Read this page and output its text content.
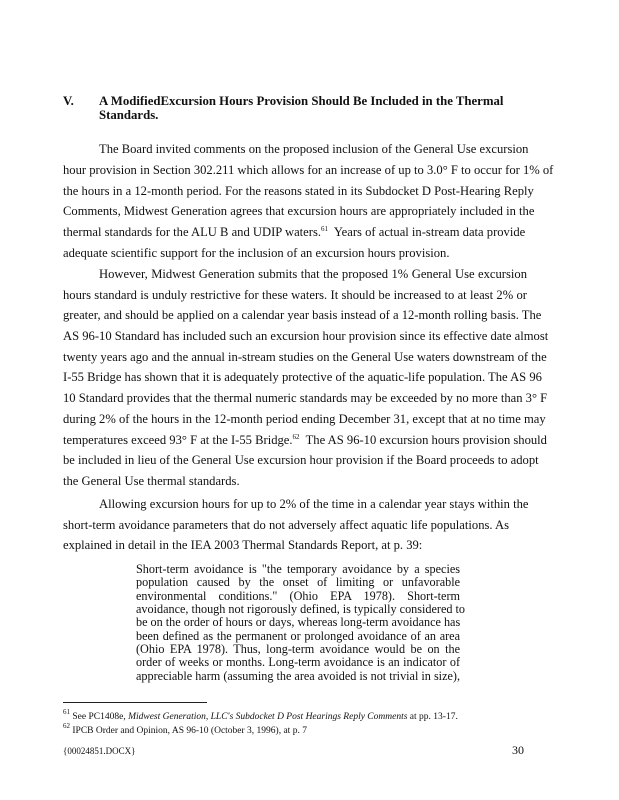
V. A ModifiedExcursion Hours Provision Should Be Included in the Thermal
Standards.
The Board invited comments on the proposed inclusion of the General Use excursion
hour provision in Section 302.211 which allows for an increase of up to 3.0° F to occur for 1% of
the hours in a 12-month period. For the reasons stated in its Subdocket D Post-Hearing Reply
Comments, Midwest Generation agrees that excursion hours are appropriately included in the
thermal standards for the ALU B and UDIP waters.$^{61}$  Years of actual in-stream data provide
adequate scientific support for the inclusion of an excursion hours provision.
However, Midwest Generation submits that the proposed 1% General Use excursion
hours standard is unduly restrictive for these waters. It should be increased to at least 2% or
greater, and should be applied on a calendar year basis instead of a 12-month rolling basis. The
AS 96-10 Standard has included such an excursion hour provision since its effective date almost
twenty years ago and the annual in-stream studies on the General Use waters downstream of the
I-55 Bridge has shown that it is adequately protective of the aquatic-life population. The AS 96
10 Standard provides that the thermal numeric standards may be exceeded by no more than 3° F
during 2% of the hours in the 12-month period ending December 31, except that at no time may
temperatures exceed 93° F at the I-55 Bridge.$^{62}$  The AS 96-10 excursion hours provision should
be included in lieu of the General Use excursion hour provision if the Board proceeds to adopt
the General Use thermal standards.
Allowing excursion hours for up to 2% of the time in a calendar year stays within the
short-term avoidance parameters that do not adversely affect aquatic life populations. As
explained in detail in the IEA 2003 Thermal Standards Report, at p. 39:
Short-term avoidance is "the temporary avoidance by a species
population caused by the onset of limiting or unfavorable
environmental conditions." (Ohio EPA 1978). Short-term
avoidance, though not rigorously defined, is typically considered to
be on the order of hours or days, whereas long-term avoidance has
been defined as the permanent or prolonged avoidance of an area
(Ohio EPA 1978). Thus, long-term avoidance would be on the
order of weeks or months. Long-term avoidance is an indicator of
appreciable harm (assuming the area avoided is not trivial in size),
$^{61}$ See PC1408e, Midwest Generation, LLC's Subdocket D Post Hearings Reply Comments at pp. 13-17.
$^{62}$ IPCB Order and Opinion, AS 96-10 (October 3, 1996), at p. 7
{00024851.DOCX}	30
